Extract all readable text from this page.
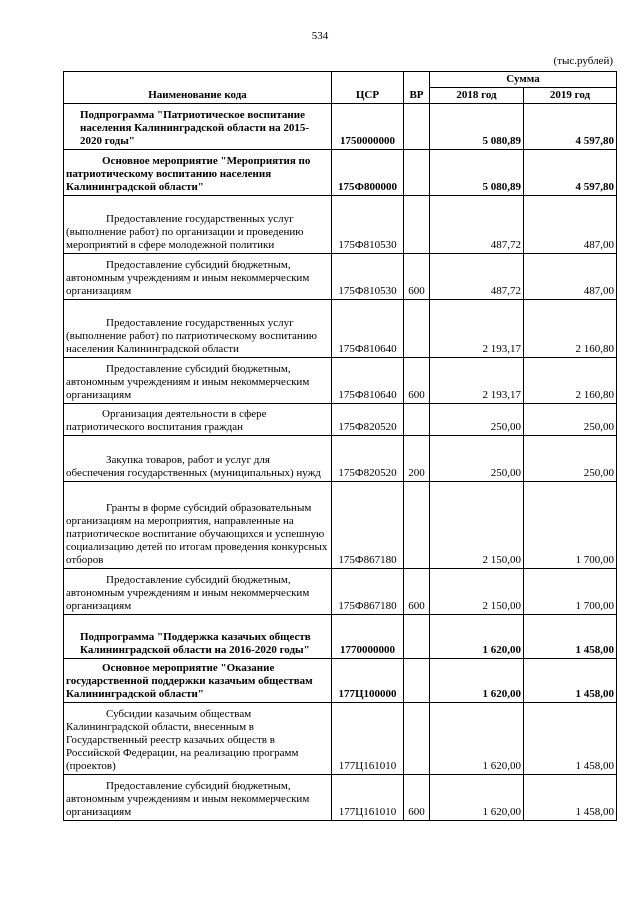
534
(тыс.рублей)
Наименование кода	ЦСР	ВР	Сумма	
			2018 год	2019 год
Подпрограмма "Патриотическое воспитание населения Калининградской области на 2015-2020 годы"	1750000000		5 080,89	4 597,80
Основное мероприятие "Мероприятия по патриотическому воспитанию населения Калининградской области"	175Ф800000		5 080,89	4 597,80
Предоставление государственных услуг (выполнение работ) по организации и проведению мероприятий в сфере молодежной политики	175Ф810530		487,72	487,00
Предоставление субсидий бюджетным, автономным учреждениям и иным некоммерческим организациям	175Ф810530	600	487,72	487,00
Предоставление государственных услуг (выполнение работ) по патриотическому воспитанию населения Калининградской области	175Ф810640		2 193,17	2 160,80
Предоставление субсидий бюджетным, автономным учреждениям и иным некоммерческим организациям	175Ф810640	600	2 193,17	2 160,80
Организация деятельности в сфере патриотического воспитания граждан	175Ф820520		250,00	250,00
Закупка товаров, работ и услуг для обеспечения государственных (муниципальных) нужд	175Ф820520	200	250,00	250,00
Гранты в форме субсидий образовательным организациям на мероприятия, направленные на патриотическое воспитание обучающихся и успешную социализацию детей по итогам проведения конкурсных отборов	175Ф867180		2 150,00	1 700,00
Предоставление субсидий бюджетным, автономным учреждениям и иным некоммерческим организациям	175Ф867180	600	2 150,00	1 700,00
Подпрограмма "Поддержка казачьих обществ Калининградской области на 2016-2020 годы"	1770000000		1 620,00	1 458,00
Основное мероприятие "Оказание государственной поддержки казачьим обществам Калининградской области"	177Ц100000		1 620,00	1 458,00
Субсидии казачьим обществам Калининградской области, внесенным в Государственный реестр казачьих обществ в Российской Федерации, на реализацию программ (проектов)	177Ц161010		1 620,00	1 458,00
Предоставление субсидий бюджетным, автономным учреждениям и иным некоммерческим организациям	177Ц161010	600	1 620,00	1 458,00
